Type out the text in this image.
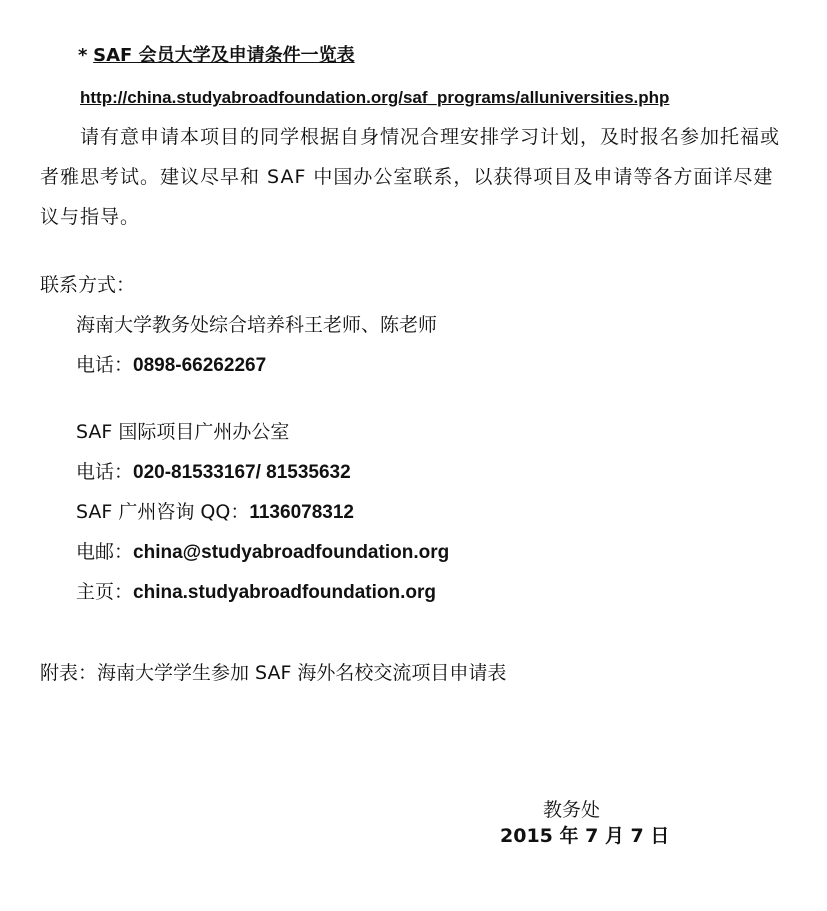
* SAF 会员大学及申请条件一览表
http://china.studyabroadfoundation.org/saf_programs/alluniversities.php
请有意申请本项目的同学根据自身情况合理安排学习计划，及时报名参加托福或者雅思考试。建议尽早和 SAF 中国办公室联系，以获得项目及申请等各方面详尽建议与指导。
联系方式：
海南大学教务处综合培养科王老师、陈老师
电话：0898-66262267
SAF 国际项目广州办公室
电话：020-81533167/ 81535632
SAF 广州咨询 QQ：1136078312
电邮：china@studyabroadfoundation.org
主页：china.studyabroadfoundation.org
附表：海南大学学生参加 SAF 海外名校交流项目申请表
教务处
2015 年 7 月 7 日
